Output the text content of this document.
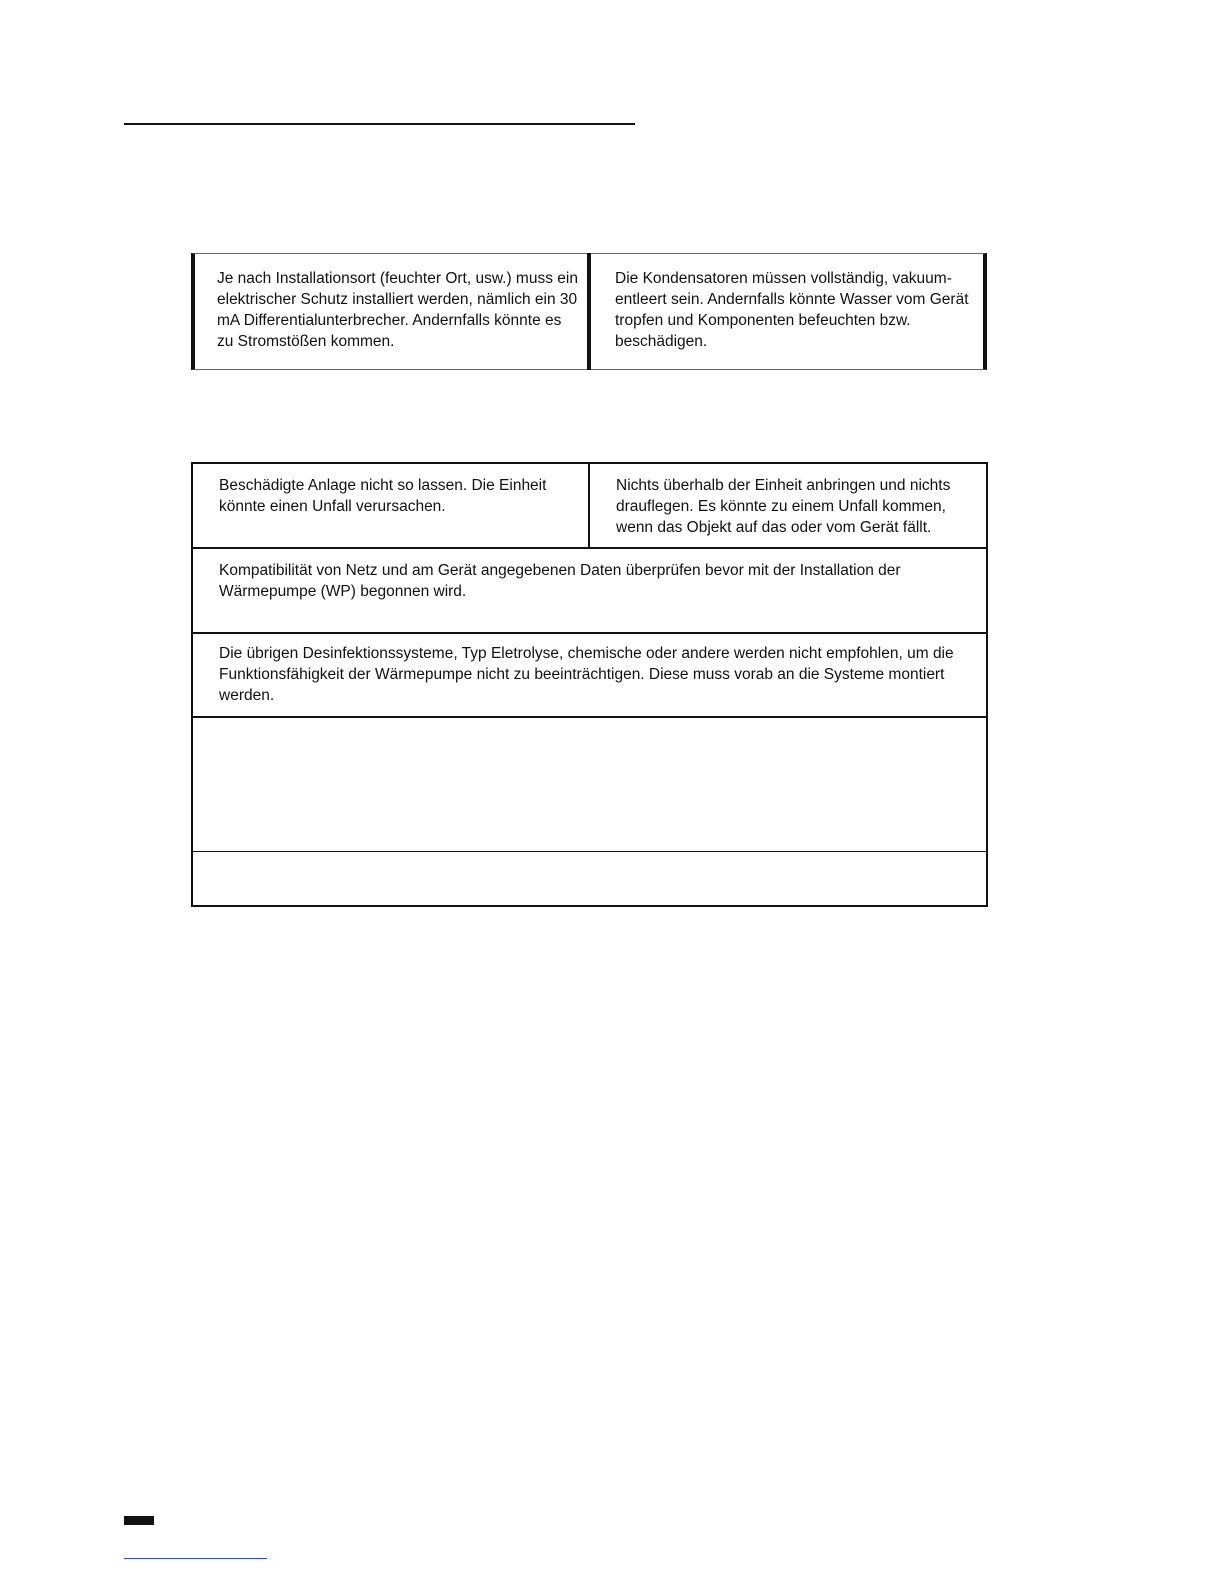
Je nach Installationsort (feuchter Ort, usw.) muss ein elektrischer Schutz installiert werden, nämlich ein 30 mA Differentialunterbrecher. Andernfalls könnte es zu Stromstößen kommen.
Die Kondensatoren müssen vollständig, vakuum-entleert sein. Andernfalls könnte Wasser vom Gerät tropfen und Komponenten befeuchten bzw. beschädigen.
Beschädigte Anlage nicht so lassen. Die Einheit könnte einen Unfall verursachen.
Nichts überhalb der Einheit anbringen und nichts drauflegen. Es könnte zu einem Unfall kommen, wenn das Objekt auf das oder vom Gerät fällt.
Kompatibilität von Netz und am Gerät angegebenen Daten überprüfen bevor mit der Installation der Wärmepumpe (WP) begonnen wird.
Die übrigen Desinfektionssysteme, Typ Eletrolyse, chemische oder andere werden nicht empfohlen, um die Funktionsfähigkeit der Wärmepumpe nicht zu beeinträchtigen. Diese muss vorab an die Systeme montiert werden.
